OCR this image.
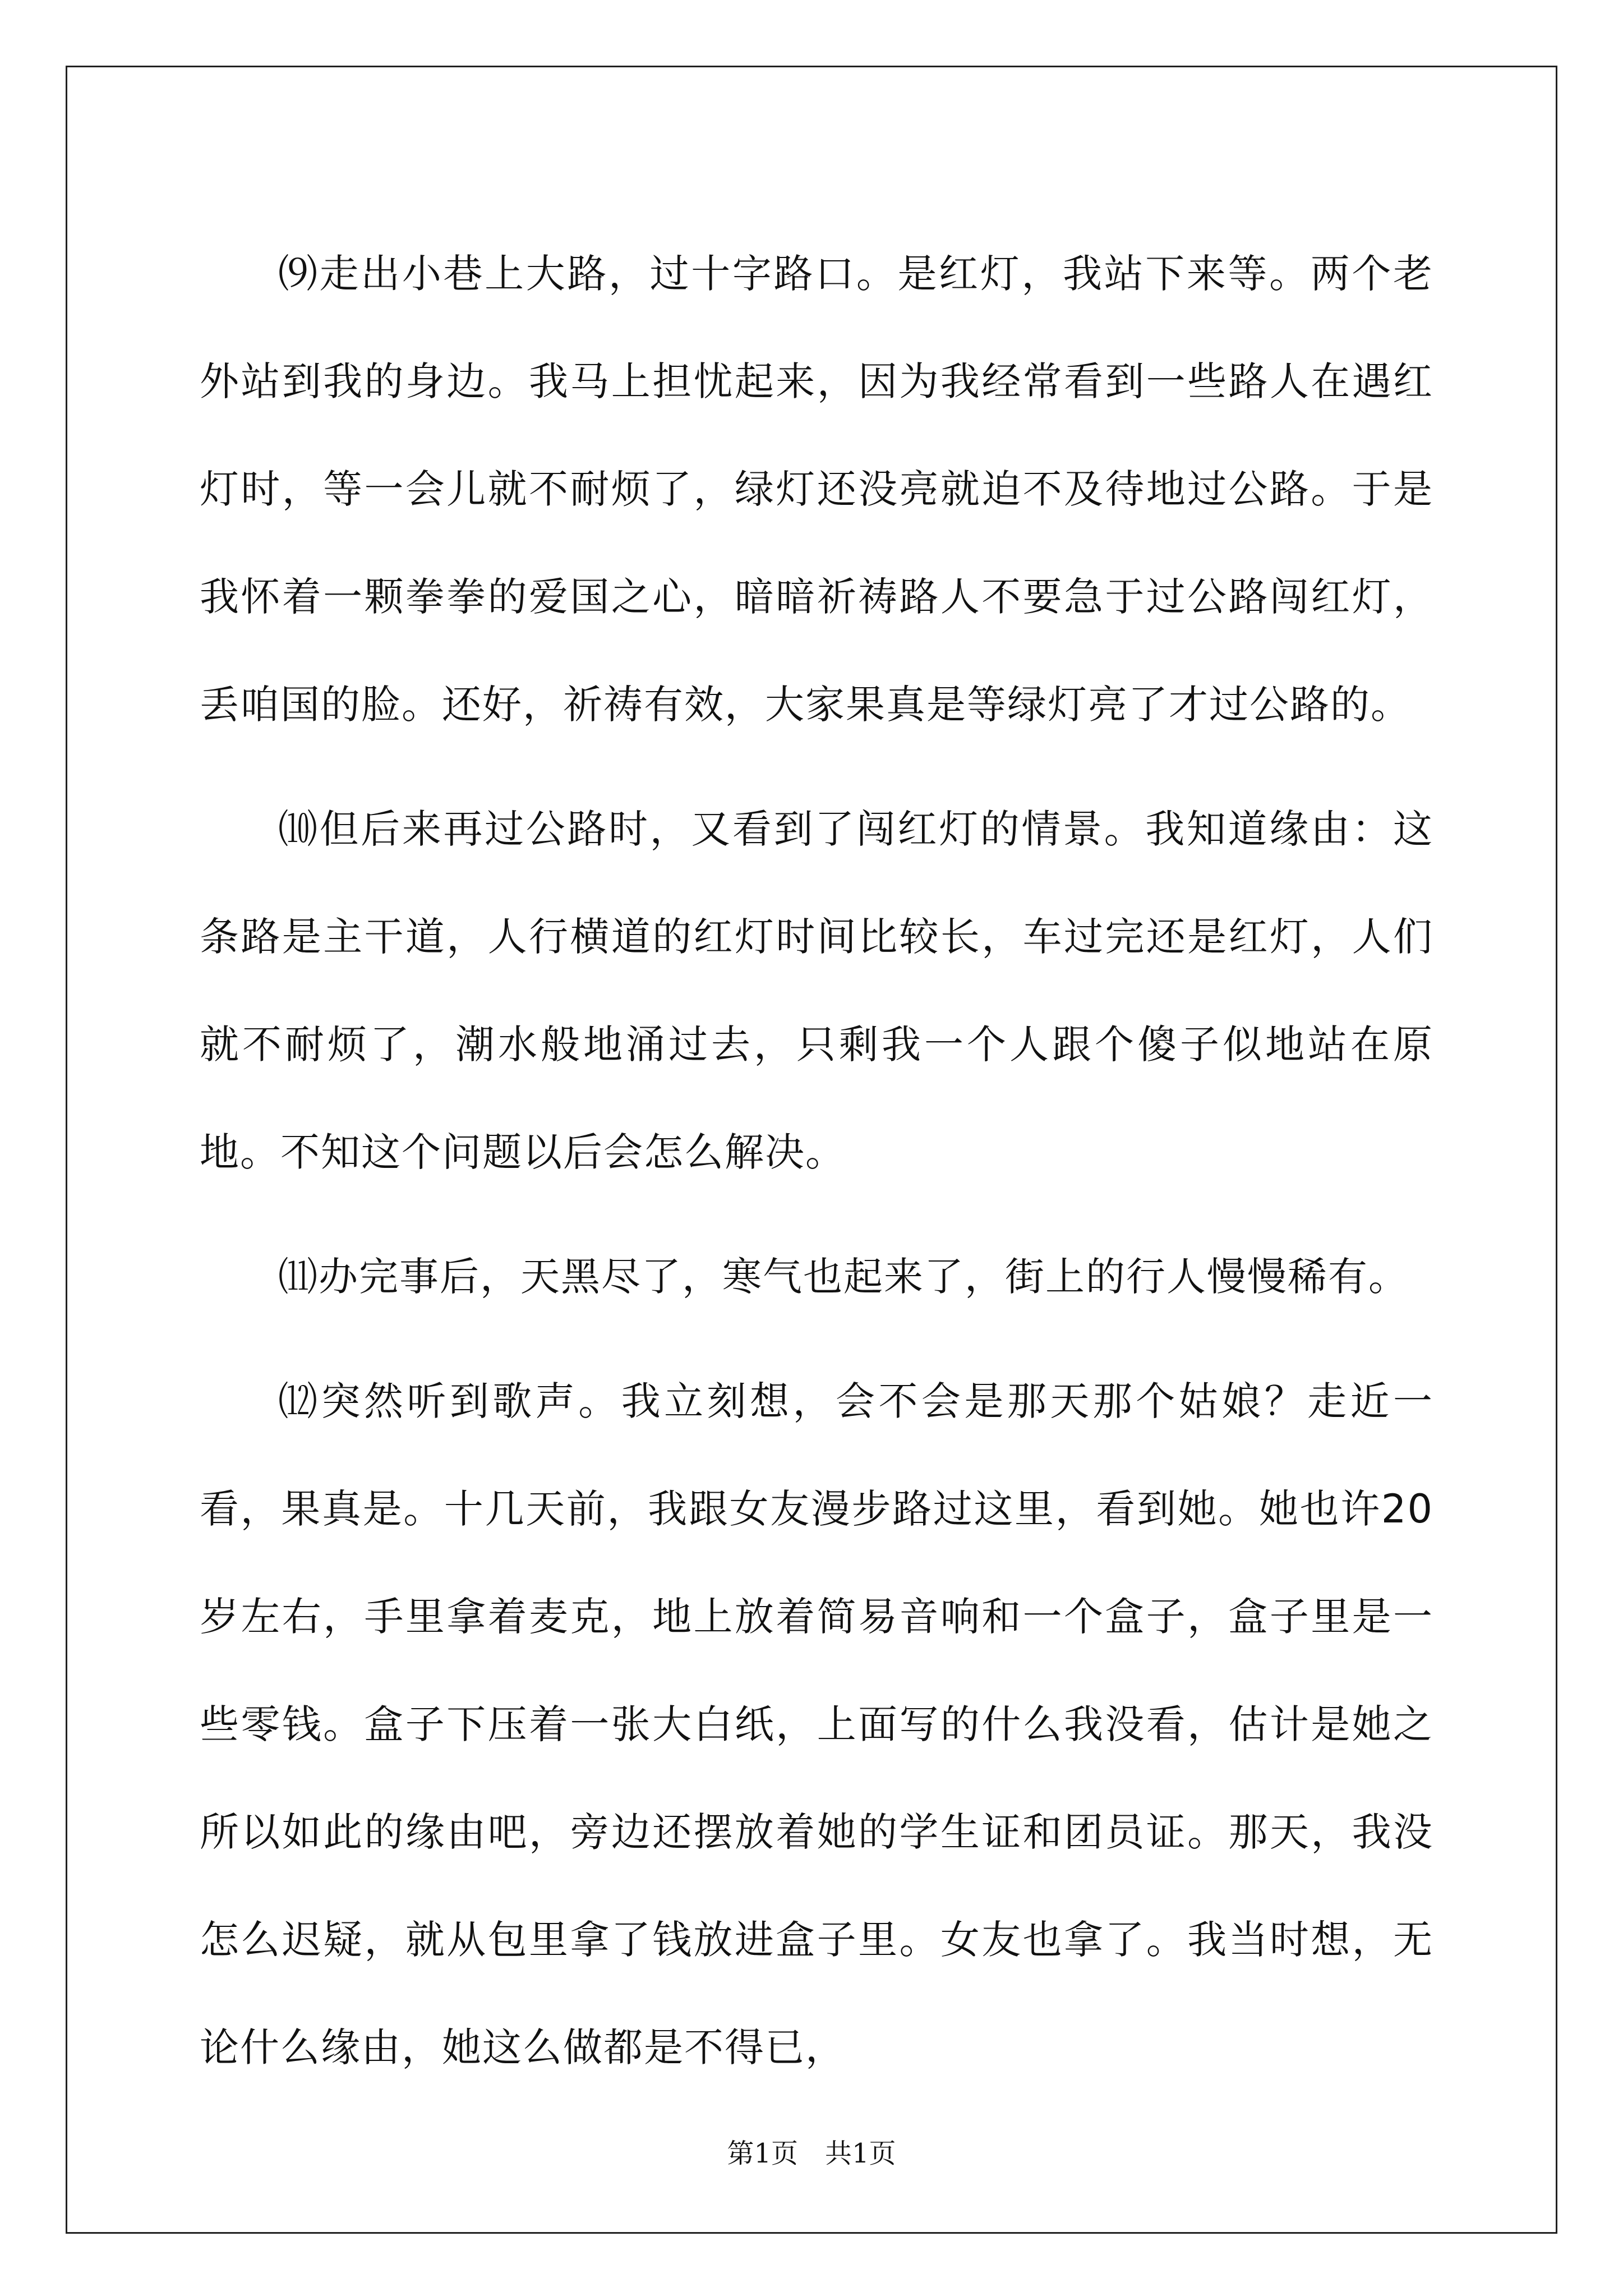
⑼走出小巷上大路，过十字路口。是红灯，我站下来等。两个老外站到我的身边。我马上担忧起来，因为我经常看到一些路人在遇红灯时，等一会儿就不耐烦了，绿灯还没亮就迫不及待地过公路。于是我怀着一颗拳拳的爱国之心，暗暗祈祷路人不要急于过公路闯红灯，丢咱国的脸。还好，祈祷有效，大家果真是等绿灯亮了才过公路的。

⑽但后来再过公路时，又看到了闯红灯的情景。我知道缘由：这条路是主干道，人行横道的红灯时间比较长，车过完还是红灯，人们就不耐烦了，潮水般地涌过去，只剩我一个人跟个傻子似地站在原地。不知这个问题以后会怎么解决。

⑾办完事后，天黑尽了，寒气也起来了，街上的行人慢慢稀有。

⑿突然听到歌声。我立刻想，会不会是那天那个姑娘？走近一看，果真是。十几天前，我跟女友漫步路过这里，看到她。她也许20岁左右，手里拿着麦克，地上放着简易音响和一个盒子，盒子里是一些零钱。盒子下压着一张大白纸，上面写的什么我没看，估计是她之所以如此的缘由吧，旁边还摆放着她的学生证和团员证。那天，我没怎么迟疑，就从包里拿了钱放进盒子里。女友也拿了。我当时想，无论什么缘由，她这么做都是不得已，

第1页　共1页
